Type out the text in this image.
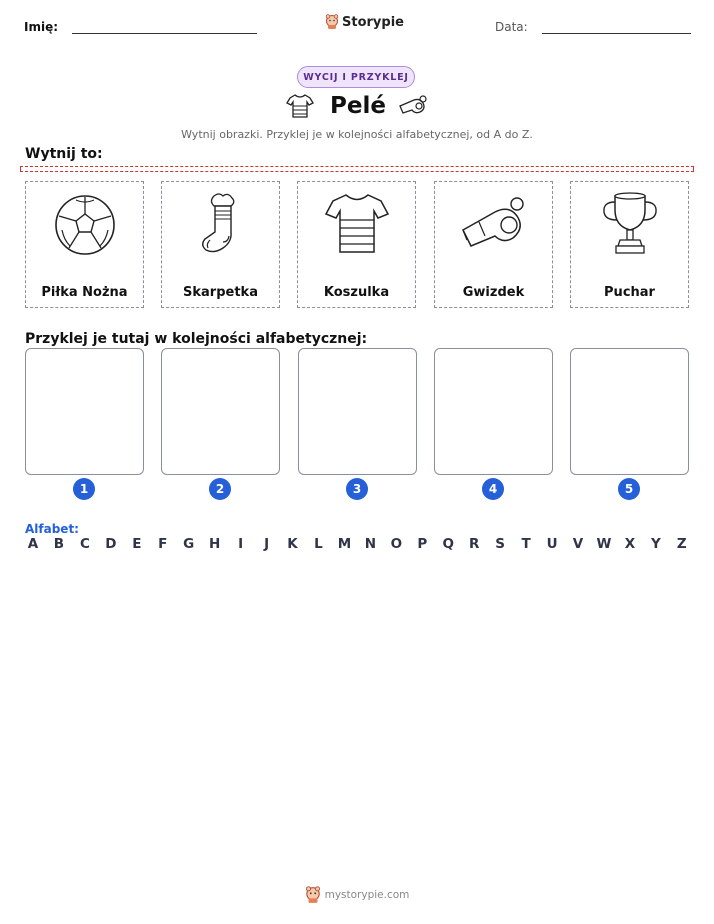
Imię:	Storypie	Data:
WYCIJ I PRZYKLEJ
Pelé
Wytnij obrazki. Przyklej je w kolejności alfabetycznej, od A do Z.
Wytnij to:
Piłka Nożna	Skarpetka	Koszulka	Gwizdek	Puchar
Przyklej je tutaj w kolejności alfabetycznej:
1	2	3	4	5
Alfabet:
A B C D E F G H	I	J	K L M N O P Q R S T U V W X Y Z
mystorypie.com
